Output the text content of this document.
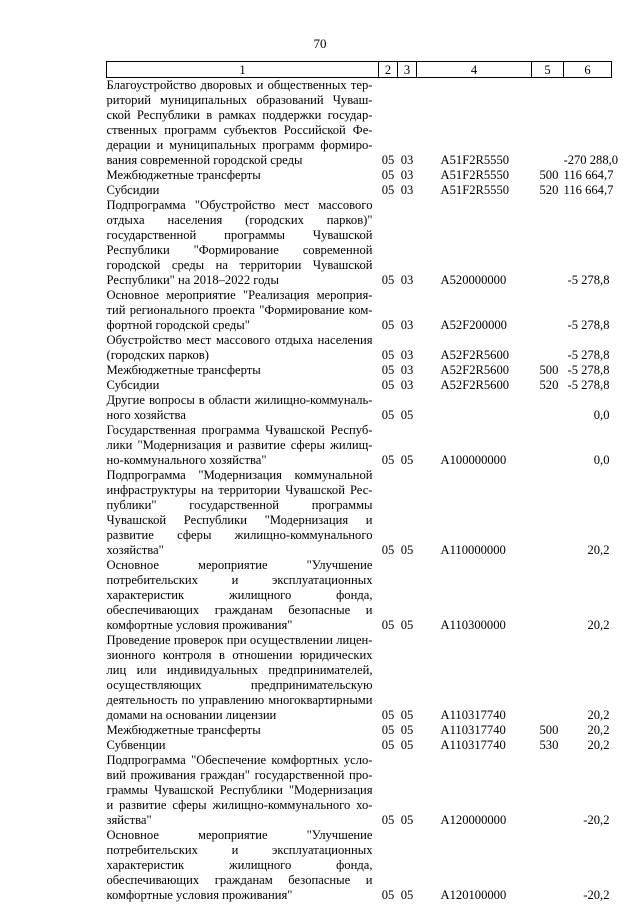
70
1	2	3	4	5	6
Благоустройство дворовых и общественных территорий муниципальных образований Чувашской Республики в рамках поддержки государственных программ субъектов Российской Федерации и муниципальных программ формирования современной городской среды	05	03	A51F2R5550		-270 288,0
Межбюджетные трансферты	05	03	A51F2R5550	500	116 664,7
Субсидии	05	03	A51F2R5550	520	116 664,7
Подпрограмма "Обустройство мест массового отдыха населения (городских парков)" государственной программы Чувашской Республики "Формирование современной городской среды на территории Чувашской Республики" на 2018–2022 годы	05	03	A520000000		-5 278,8
Основное мероприятие "Реализация мероприятий регионального проекта "Формирование комфортной городской среды"	05	03	A52F200000		-5 278,8
Обустройство мест массового отдыха населения (городских парков)	05	03	A52F2R5600		-5 278,8
Межбюджетные трансферты	05	03	A52F2R5600	500	-5 278,8
Субсидии	05	03	A52F2R5600	520	-5 278,8
Другие вопросы в области жилищно-коммунального хозяйства	05	05			0,0
Государственная программа Чувашской Республики "Модернизация и развитие сферы жилищно-коммунального хозяйства"	05	05	A100000000		0,0
Подпрограмма "Модернизация коммунальной инфраструктуры на территории Чувашской Республики" государственной программы Чувашской Республики "Модернизация и развитие сферы жилищно-коммунального хозяйства"	05	05	A110000000		20,2
Основное мероприятие "Улучшение потребительских и эксплуатационных характеристик жилищного фонда, обеспечивающих гражданам безопасные и комфортные условия проживания"	05	05	A110300000		20,2
Проведение проверок при осуществлении лицензионного контроля в отношении юридических лиц или индивидуальных предпринимателей, осуществляющих предпринимательскую деятельность по управлению многоквартирными домами на основании лицензии	05	05	A110317740		20,2
Межбюджетные трансферты	05	05	A110317740	500	20,2
Субвенции	05	05	A110317740	530	20,2
Подпрограмма "Обеспечение комфортных условий проживания граждан" государственной программы Чувашской Республики "Модернизация и развитие сферы жилищно-коммунального хозяйства"	05	05	A120000000		-20,2
Основное мероприятие "Улучшение потребительских и эксплуатационных характеристик жилищного фонда, обеспечивающих гражданам безопасные и комфортные условия проживания"	05	05	A120100000		-20,2
